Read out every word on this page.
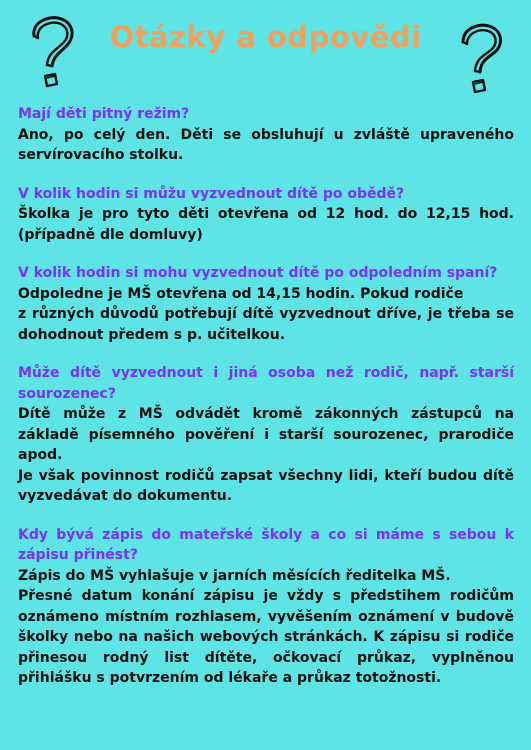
Otázky a odpovědi

Mají děti pitný režim?

Ano, po celý den. Děti se obsluhují u zvláště upraveného servírovacího stolku.

V kolik hodin si můžu vyzvednout dítě po obědě?

Školka je pro tyto děti otevřena od 12 hod. do 12,15 hod. (případně dle domluvy)

V kolik hodin si mohu vyzvednout dítě po odpoledním spaní?

Odpoledne je MŠ otevřena od 14,15 hodin. Pokud rodiče

z různých důvodů potřebují dítě vyzvednout dříve, je třeba se dohodnout předem s p. učitelkou.

Může dítě vyzvednout i jiná osoba než rodič, např. starší sourozenec?

Dítě může z MŠ odvádět kromě zákonných zástupců na základě písemného pověření i starší sourozenec, prarodiče apod.

Je však povinnost rodičů zapsat všechny lidi, kteří budou dítě vyzvedávat do dokumentu.

Kdy bývá zápis do mateřské školy a co si máme s sebou k zápisu přinést?

Zápis do MŠ vyhlašuje v jarních měsících ředitelka MŠ.

Přesné datum konání zápisu je vždy s předstihem rodičům oznámeno místním rozhlasem, vyvěšením oznámení v budově školky nebo na našich webových stránkách. K zápisu si rodiče přinesou rodný list dítěte, očkovací průkaz, vyplněnou přihlášku s potvrzením od lékaře a průkaz totožnosti.
